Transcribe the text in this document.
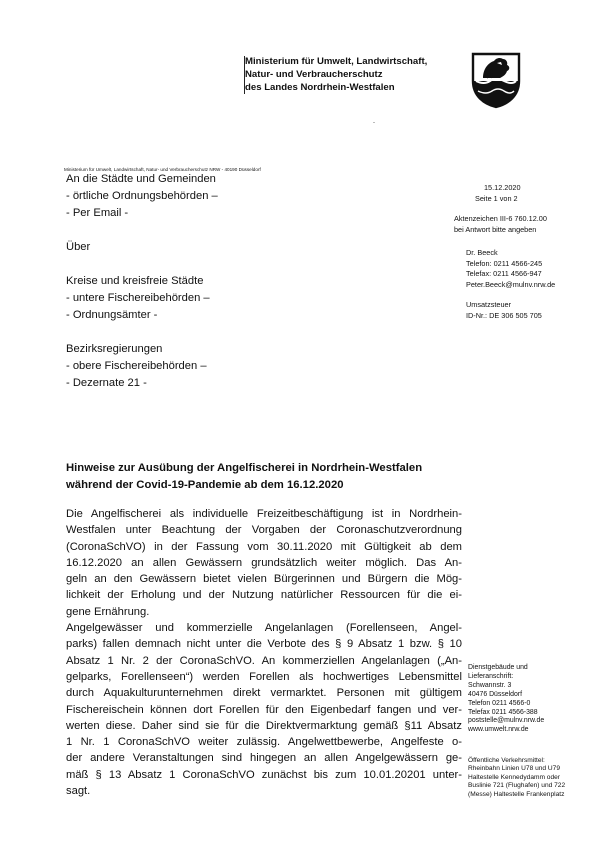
Ministerium für Umwelt, Landwirtschaft,
Natur- und Verbraucherschutz
des Landes Nordrhein-Westfalen
Ministerium für Umwelt, Landwirtschaft, Natur- und Verbraucherschutz NRW - 40190 Düsseldorf
An die Städte und Gemeinden
- örtliche Ordnungsbehörden –
- Per Email -
Über
Kreise und kreisfreie Städte
- untere Fischereibehörden –
- Ordnungsämter -
Bezirksregierungen
- obere Fischereibehörden –
- Dezernate 21 -
15.12.2020
Seite 1 von 2
Aktenzeichen III-6 760.12.00
bei Antwort bitte angeben
Dr. Beeck
Telefon: 0211 4566-245
Telefax: 0211 4566-947
Peter.Beeck@mulnv.nrw.de
Umsatzsteuer
ID-Nr.: DE 306 505 705
Hinweise zur Ausübung der Angelfischerei in Nordrhein-Westfalen
während der Covid-19-Pandemie ab dem 16.12.2020
Die Angelfischerei als individuelle Freizeitbeschäftigung ist in Nordrhein-
Westfalen unter Beachtung der Vorgaben der Coronaschutzverordnung
(CoronaSchVO) in der Fassung vom 30.11.2020 mit Gültigkeit ab dem
16.12.2020 an allen Gewässern grundsätzlich weiter möglich. Das An-
geln an den Gewässern bietet vielen Bürgerinnen und Bürgern die Mög-
lichkeit der Erholung und der Nutzung natürlicher Ressourcen für die ei-
gene Ernährung.
Angelgewässer und kommerzielle Angelanlagen (Forellenseen, Angel-
parks) fallen demnach nicht unter die Verbote des § 9 Absatz 1 bzw. § 10
Absatz 1 Nr. 2 der CoronaSchVO. An kommerziellen Angelanlagen („An-
gelparks, Forellenseen“) werden Forellen als hochwertiges Lebensmittel
durch Aquakulturunternehmen direkt vermarktet. Personen mit gültigem
Fischereischein können dort Forellen für den Eigenbedarf fangen und ver-
werten diese. Daher sind sie für die Direktvermarktung gemäß §11 Absatz
1 Nr. 1 CoronaSchVO weiter zulässig. Angelwettbewerbe, Angelfeste o-
der andere Veranstaltungen sind hingegen an allen Angelgewässern ge-
mäß § 13 Absatz 1 CoronaSchVO zunächst bis zum 10.01.20201 unter-
sagt.
Dienstgebäude und
Lieferanschrift:
Schwannstr. 3
40476 Düsseldorf
Telefon 0211 4566-0
Telefax 0211 4566-388
poststelle@mulnv.nrw.de
www.umwelt.nrw.de
Öffentliche Verkehrsmittel:
Rheinbahn Linien U78 und U79
Haltestelle Kennedydamm oder
Buslinie 721 (Flughafen) und 722
(Messe) Haltestelle Frankenplatz
